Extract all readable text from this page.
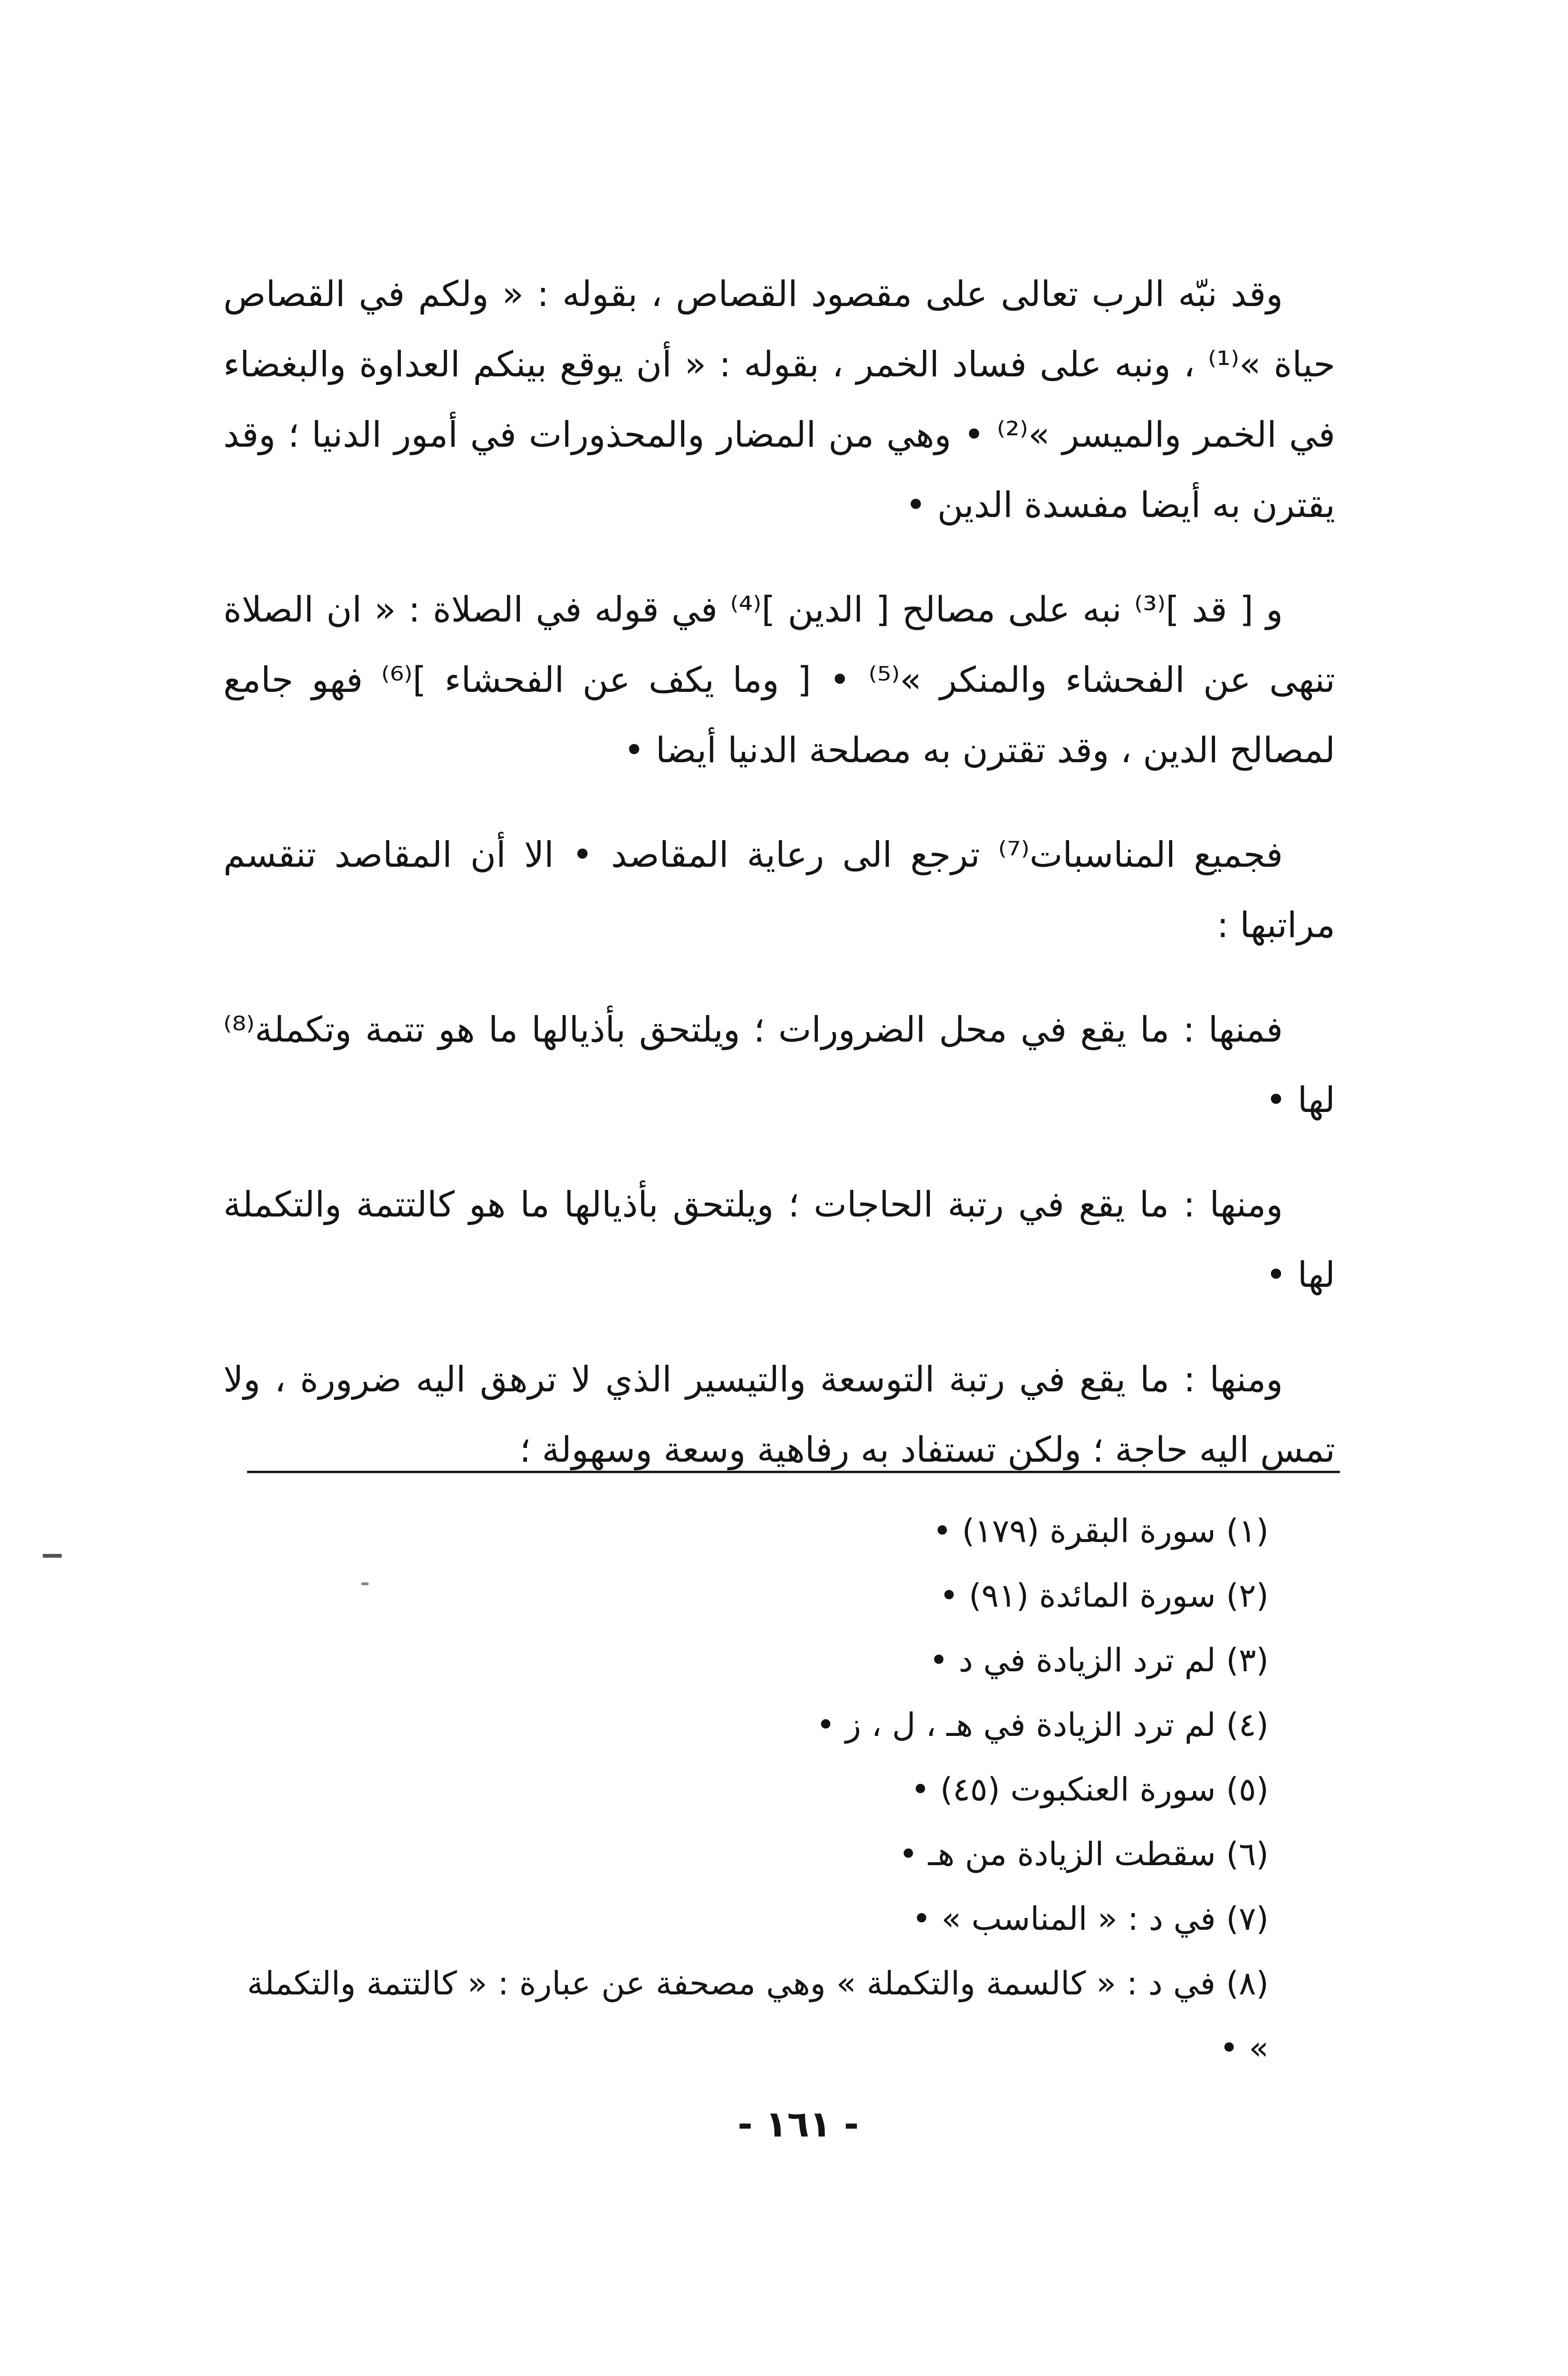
وقد نبّه الرب تعالى على مقصود القصاص ، بقوله : « ولكم في القصاص حياة »⁽¹⁾ ، ونبه على فساد الخمر ، بقوله : « أن يوقع بينكم العداوة والبغضاء في الخمر والميسر »⁽²⁾ • وهي من المضار والمحذورات في أمور الدنيا ؛ وقد يقترن به أيضا مفسدة الدين •

و [ قد ]⁽³⁾ نبه على مصالح [ الدين ]⁽⁴⁾ في قوله في الصلاة : « ان الصلاة تنهى عن الفحشاء والمنكر »⁽⁵⁾ • [ وما يكف عن الفحشاء ]⁽⁶⁾ فهو جامع لمصالح الدين ، وقد تقترن به مصلحة الدنيا أيضا •

فجميع المناسبات⁽⁷⁾ ترجع الى رعاية المقاصد • الا أن المقاصد تنقسم مراتبها :

فمنها : ما يقع في محل الضرورات ؛ ويلتحق بأذيالها ما هو تتمة وتكملة⁽⁸⁾ لها •

ومنها : ما يقع في رتبة الحاجات ؛ ويلتحق بأذيالها ما هو كالتتمة والتكملة لها •

ومنها : ما يقع في رتبة التوسعة والتيسير الذي لا ترهق اليه ضرورة ، ولا تمس اليه حاجة ؛ ولكن تستفاد به رفاهية وسعة وسهولة ؛

(١) سورة البقرة (١٧٩) •

(٢) سورة المائدة (٩١) •

(٣) لم ترد الزيادة في د •

(٤) لم ترد الزيادة في هـ ، ل ، ز •

(٥) سورة العنكبوت (٤٥) •

(٦) سقطت الزيادة من هـ •

(٧) في د : « المناسب » •

(٨) في د : « كالسمة والتكملة » وهي مصحفة عن عبارة : « كالتتمة والتكملة » •

- ١٦١ -
